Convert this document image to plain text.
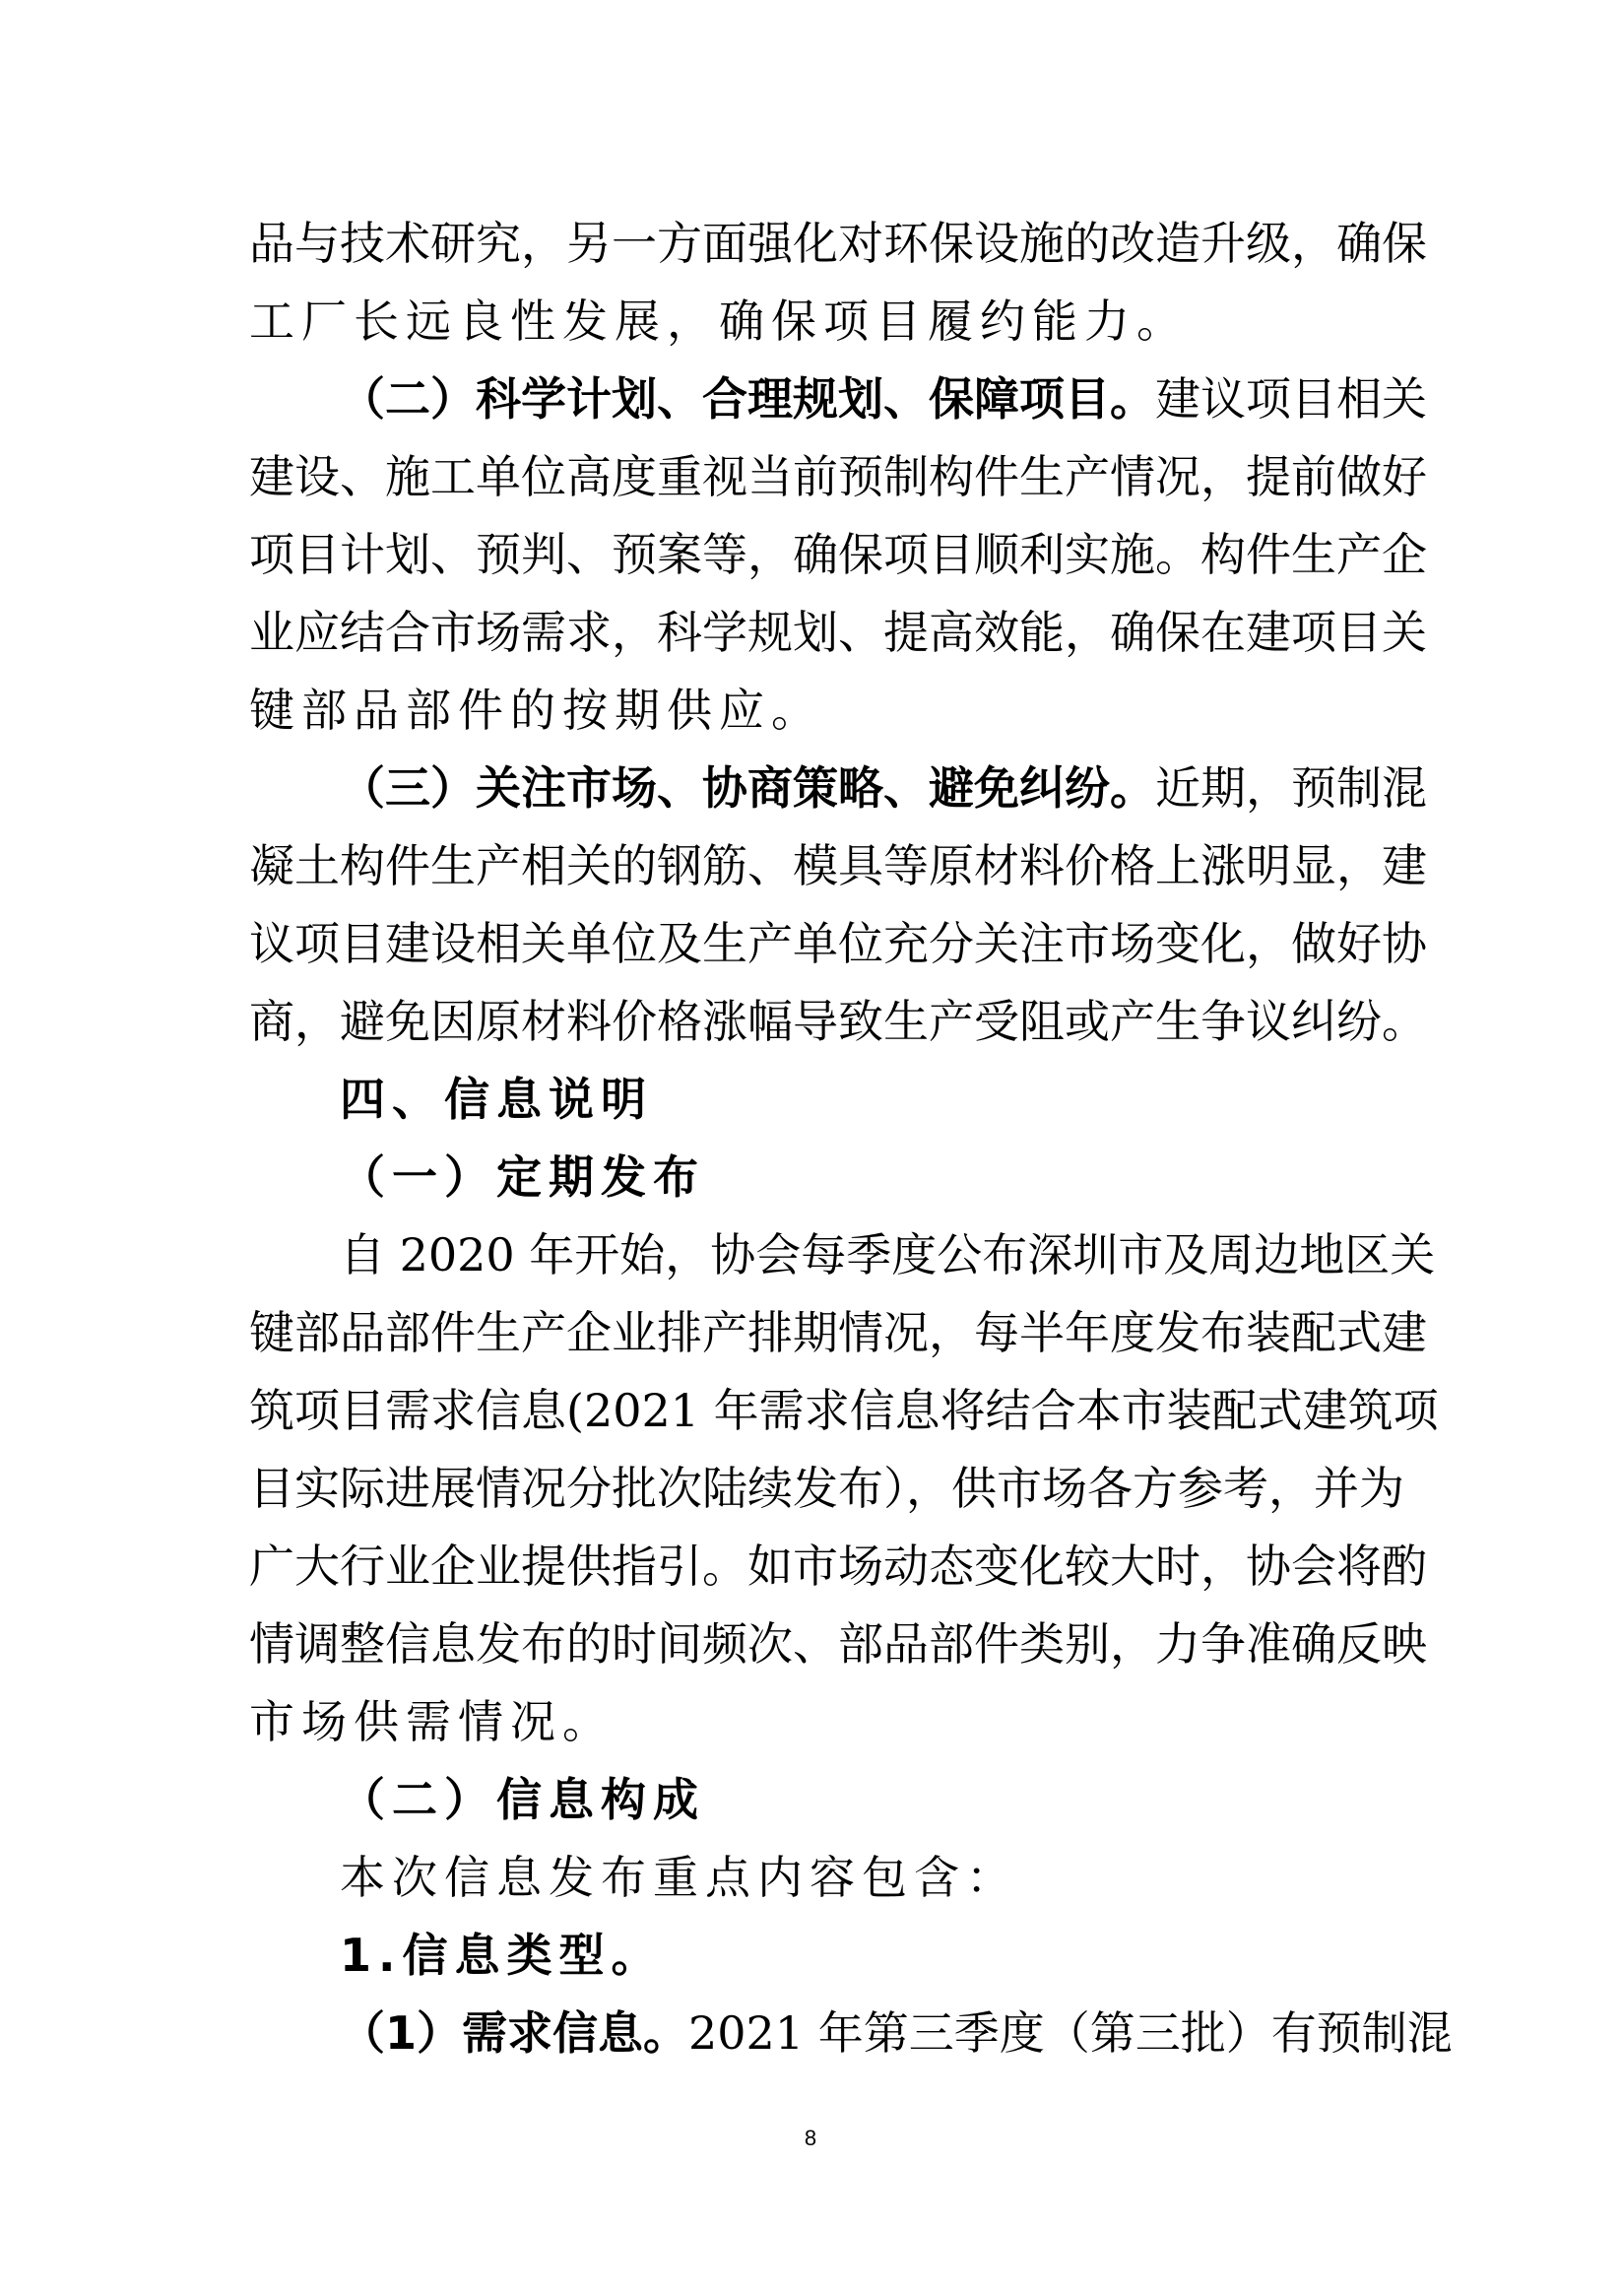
品与技术研究，另一方面强化对环保设施的改造升级，确保
工厂长远良性发展，确保项目履约能力。
（二）科学计划、合理规划、保障项目。建议项目相关
建设、施工单位高度重视当前预制构件生产情况，提前做好
项目计划、预判、预案等，确保项目顺利实施。构件生产企
业应结合市场需求，科学规划、提高效能，确保在建项目关
键部品部件的按期供应。
（三）关注市场、协商策略、避免纠纷。近期，预制混
凝土构件生产相关的钢筋、模具等原材料价格上涨明显，建
议项目建设相关单位及生产单位充分关注市场变化，做好协
商，避免因原材料价格涨幅导致生产受阻或产生争议纠纷。
四、信息说明
（一）定期发布
自 2020 年开始，协会每季度公布深圳市及周边地区关
键部品部件生产企业排产排期情况，每半年度发布装配式建
筑项目需求信息(2021 年需求信息将结合本市装配式建筑项
目实际进展情况分批次陆续发布），供市场各方参考，并为
广大行业企业提供指引。如市场动态变化较大时，协会将酌
情调整信息发布的时间频次、部品部件类别，力争准确反映
市场供需情况。
（二）信息构成
本次信息发布重点内容包含：
1.信息类型。
（1）需求信息。2021 年第三季度（第三批）有预制混
8
